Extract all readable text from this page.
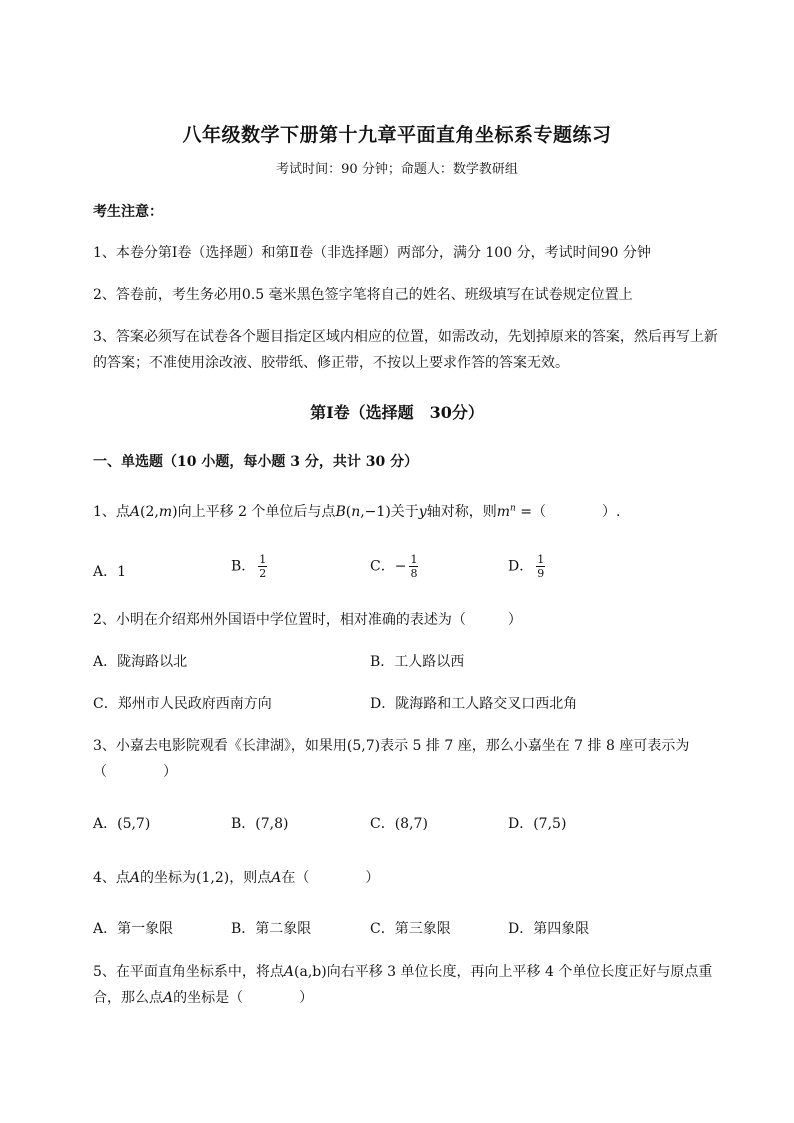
八年级数学下册第十九章平面直角坐标系专题练习
考试时间：90 分钟；命题人：数学教研组
考生注意：
1、本卷分第Ⅰ卷（选择题）和第Ⅱ卷（非选择题）两部分，满分 100 分，考试时间90 分钟
2、答卷前，考生务必用0.5 毫米黑色签字笔将自己的姓名、班级填写在试卷规定位置上
3、答案必须写在试卷各个题目指定区域内相应的位置，如需改动，先划掉原来的答案，然后再写上新
的答案；不准使用涂改液、胶带纸、修正带，不按以上要求作答的答案无效。
第Ⅰ卷（选择题　30分）
一、单选题（10 小题，每小题 3 分，共计 30 分）
1、点A(2,m)向上平移 2 个单位后与点B(n,−1)关于y轴对称，则$m^n$ =（　　　　）.
A．1	B． $\frac{1}{2}$	C．− $\frac{1}{8}$	D． $\frac{1}{9}$
2、小明在介绍郑州外国语中学位置时，相对准确的表述为（　　　）
A．陇海路以北	B．工人路以西
C．郑州市人民政府西南方向	D．陇海路和工人路交叉口西北角
3、小嘉去电影院观看《长津湖》，如果用(5,7)表示 5 排 7 座，那么小嘉坐在 7 排 8 座可表示为
（　　　　）
A．(5,7)	B．(7,8)	C．(8,7)	D．(7,5)
4、点A的坐标为(1,2)，则点A在（　　　　）
A．第一象限	B．第二象限	C．第三象限	D．第四象限
5、在平面直角坐标系中，将点A(a,b)向右平移 3 单位长度，再向上平移 4 个单位长度正好与原点重
合，那么点A的坐标是（　　　　）
